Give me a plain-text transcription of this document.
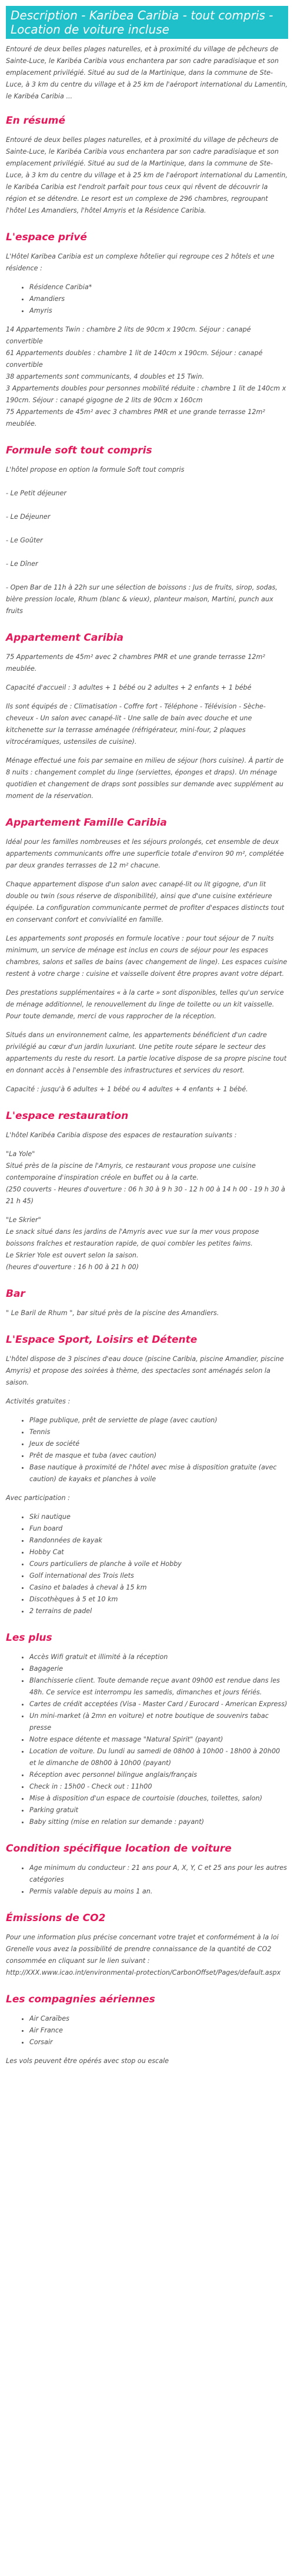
Description - Karibea Caribia - tout compris - Location de voiture incluse

Entouré de deux belles plages naturelles, et à proximité du village de pêcheurs de Sainte-Luce, le Karibéa Caribia vous enchantera par son cadre paradisiaque et son emplacement privilégié. Situé au sud de la Martinique, dans la commune de Ste-Luce, à 3 km du centre du village et à 25 km de l'aéroport international du Lamentin, le Karibéa Caribia ...

En résumé

Entouré de deux belles plages naturelles, et à proximité du village de pêcheurs de Sainte-Luce, le Karibéa Caribia vous enchantera par son cadre paradisiaque et son emplacement privilégié. Situé au sud de la Martinique, dans la commune de Ste-Luce, à 3 km du centre du village et à 25 km de l'aéroport international du Lamentin, le Karibéa Caribia est l'endroit parfait pour tous ceux qui rêvent de découvrir la région et se détendre. Le resort est un complexe de 296 chambres, regroupant l'hôtel Les Amandiers, l'hôtel Amyris et la Résidence Caribia.

L'espace privé

L'Hôtel Karibea Caribia est un complexe hôtelier qui regroupe ces 2 hôtels et une résidence :

• Résidence Caribia*
• Amandiers
• Amyris
14 Appartements Twin : chambre 2 lits de 90cm x 190cm. Séjour : canapé convertible
61 Appartements doubles : chambre 1 lit de 140cm x 190cm. Séjour : canapé convertible
38 appartements sont communicants, 4 doubles et 15 Twin.
3 Appartements doubles pour personnes mobilité réduite : chambre 1 lit de 140cm x 190cm. Séjour : canapé gigogne de 2 lits de 90cm x 160cm
75 Appartements de 45m² avec 3 chambres PMR et une grande terrasse 12m² meublée.
Formule soft tout compris
L'hôtel propose en option la formule Soft tout compris
- Le Petit déjeuner
- Le Déjeuner
- Le Goûter
- Le Dîner
- Open Bar de 11h à 22h sur une sélection de boissons : Jus de fruits, sirop, sodas, bière pression locale, Rhum (blanc & vieux), planteur maison, Martini, punch aux fruits
Appartement Caribia

75 Appartements de 45m² avec 2 chambres PMR et une grande terrasse 12m² meublée.

Capacité d'accueil : 3 adultes + 1 bébé ou 2 adultes + 2 enfants + 1 bébé

Ils sont équipés de : Climatisation - Coffre fort - Téléphone - Télévision - Sèche-cheveux - Un salon avec canapé-lit - Une salle de bain avec douche et une kitchenette sur la terrasse aménagée (réfrigérateur, mini-four, 2 plaques vitrocéramiques, ustensiles de cuisine).

Ménage effectué une fois par semaine en milieu de séjour (hors cuisine). À partir de 8 nuits : changement complet du linge (serviettes, éponges et draps). Un ménage quotidien et changement de draps sont possibles sur demande avec supplément au moment de la réservation.

Appartement Famille Caribia

Idéal pour les familles nombreuses et les séjours prolongés, cet ensemble de deux appartements communicants offre une superficie totale d'environ 90 m², complétée par deux grandes terrasses de 12 m² chacune.

Chaque appartement dispose d'un salon avec canapé-lit ou lit gigogne, d'un lit double ou twin (sous réserve de disponibilité), ainsi que d'une cuisine extérieure équipée. La configuration communicante permet de profiter d'espaces distincts tout en conservant confort et convivialité en famille.

Les appartements sont proposés en formule locative : pour tout séjour de 7 nuits minimum, un service de ménage est inclus en cours de séjour pour les espaces chambres, salons et salles de bains (avec changement de linge). Les espaces cuisine restent à votre charge : cuisine et vaisselle doivent être propres avant votre départ.

Des prestations supplémentaires « à la carte » sont disponibles, telles qu'un service de ménage additionnel, le renouvellement du linge de toilette ou un kit vaisselle. Pour toute demande, merci de vous rapprocher de la réception.

Situés dans un environnement calme, les appartements bénéficient d'un cadre privilégié au cœur d'un jardin luxuriant. Une petite route sépare le secteur des appartements du reste du resort. La partie locative dispose de sa propre piscine tout en donnant accès à l'ensemble des infrastructures et services du resort.

Capacité : jusqu'à 6 adultes + 1 bébé ou 4 adultes + 4 enfants + 1 bébé.

L'espace restauration

L'hôtel Karibéa Caribia dispose des espaces de restauration suivants :

"La Yole"
Situé près de la piscine de l'Amyris, ce restaurant vous propose une cuisine contemporaine d'inspiration créole en buffet ou à la carte.
(250 couverts - Heures d'ouverture : 06 h 30 à 9 h 30 - 12 h 00 à 14 h 00 - 19 h 30 à 21 h 45)
"Le Skrier"
Le snack situé dans les jardins de l'Amyris avec vue sur la mer vous propose boissons fraîches et restauration rapide, de quoi combler les petites faims.
Le Skrier Yole est ouvert selon la saison.
(heures d'ouverture : 16 h 00 à 21 h 00)
Bar

" Le Baril de Rhum ", bar situé près de la piscine des Amandiers.

L'Espace Sport, Loisirs et Détente

L'hôtel dispose de 3 piscines d'eau douce (piscine Caribia, piscine Amandier, piscine Amyris) et propose des soirées à thème, des spectacles sont aménagés selon la saison.

Activités gratuites :

• Plage publique, prêt de serviette de plage (avec caution)
• Tennis
• Jeux de société
• Prêt de masque et tuba (avec caution)
• Base nautique à proximité de l'hôtel avec mise à disposition gratuite (avec caution) de kayaks et planches à voile

Avec participation :

• Ski nautique
• Fun board
• Randonnées de kayak
• Hobby Cat
• Cours particuliers de planche à voile et Hobby
• Golf international des Trois Ilets
• Casino et balades à cheval à 15 km
• Discothèques à 5 et 10 km
• 2 terrains de padel
Les plus
• Accès Wifi gratuit et illimité à la réception
• Bagagerie
• Blanchisserie client. Toute demande reçue avant 09h00 est rendue dans les 48h. Ce service est interrompu les samedis, dimanches et jours fériés.
• Cartes de crédit acceptées (Visa - Master Card / Eurocard - American Express)
• Un mini-market (à 2mn en voiture) et notre boutique de souvenirs tabac presse
• Notre espace détente et massage "Natural Spirit" (payant)
• Location de voiture. Du lundi au samedi de 08h00 à 10h00 - 18h00 à 20h00 et le dimanche de 08h00 à 10h00 (payant)
• Réception avec personnel bilingue anglais/français
• Check in : 15h00 - Check out : 11h00
• Mise à disposition d'un espace de courtoisie (douches, toilettes, salon)
• Parking gratuit
• Baby sitting (mise en relation sur demande : payant)
Condition spécifique location de voiture
• Age minimum du conducteur : 21 ans pour A, X, Y, C et 25 ans pour les autres catégories
• Permis valable depuis au moins 1 an.
Émissions de CO2

Pour une information plus précise concernant votre trajet et conformément à la loi Grenelle vous avez la possibilité de prendre connaissance de la quantité de CO2 consommée en cliquant sur le lien suivant :
http://XXX.www.icao.int/environmental-protection/CarbonOffset/Pages/default.aspx

Les compagnies aériennes
• Air Caraïbes
• Air France
• Corsair

Les vols peuvent être opérés avec stop ou escale
